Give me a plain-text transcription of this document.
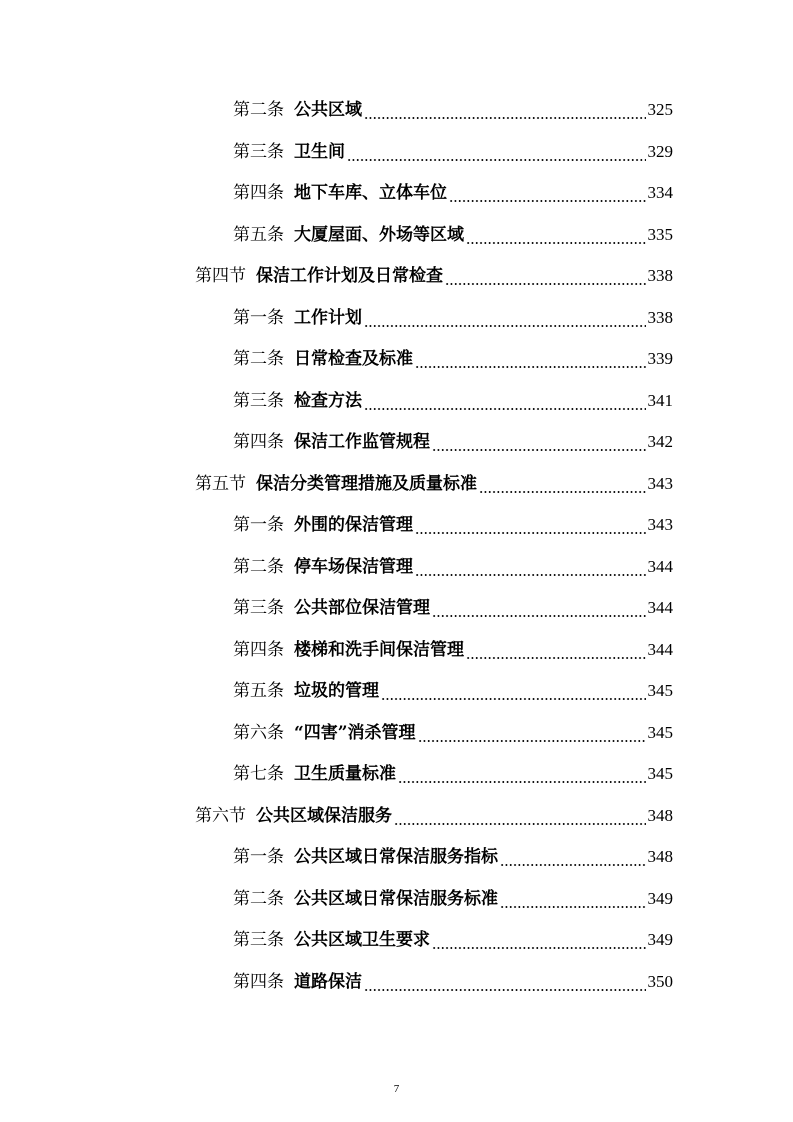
第二条 公共区域	325
第三条 卫生间	329
第四条 地下车库、立体车位	334
第五条 大厦屋面、外场等区域	335
第四节 保洁工作计划及日常检查	338
第一条 工作计划	338
第二条 日常检查及标准	339
第三条 检查方法	341
第四条 保洁工作监管规程	342
第五节 保洁分类管理措施及质量标准	343
第一条 外围的保洁管理	343
第二条 停车场保洁管理	344
第三条 公共部位保洁管理	344
第四条 楼梯和洗手间保洁管理	344
第五条 垃圾的管理	345
第六条 “四害”消杀管理	345
第七条 卫生质量标准	345
第六节 公共区域保洁服务	348
第一条 公共区域日常保洁服务指标	348
第二条 公共区域日常保洁服务标准	349
第三条 公共区域卫生要求	349
第四条 道路保洁	350
7
